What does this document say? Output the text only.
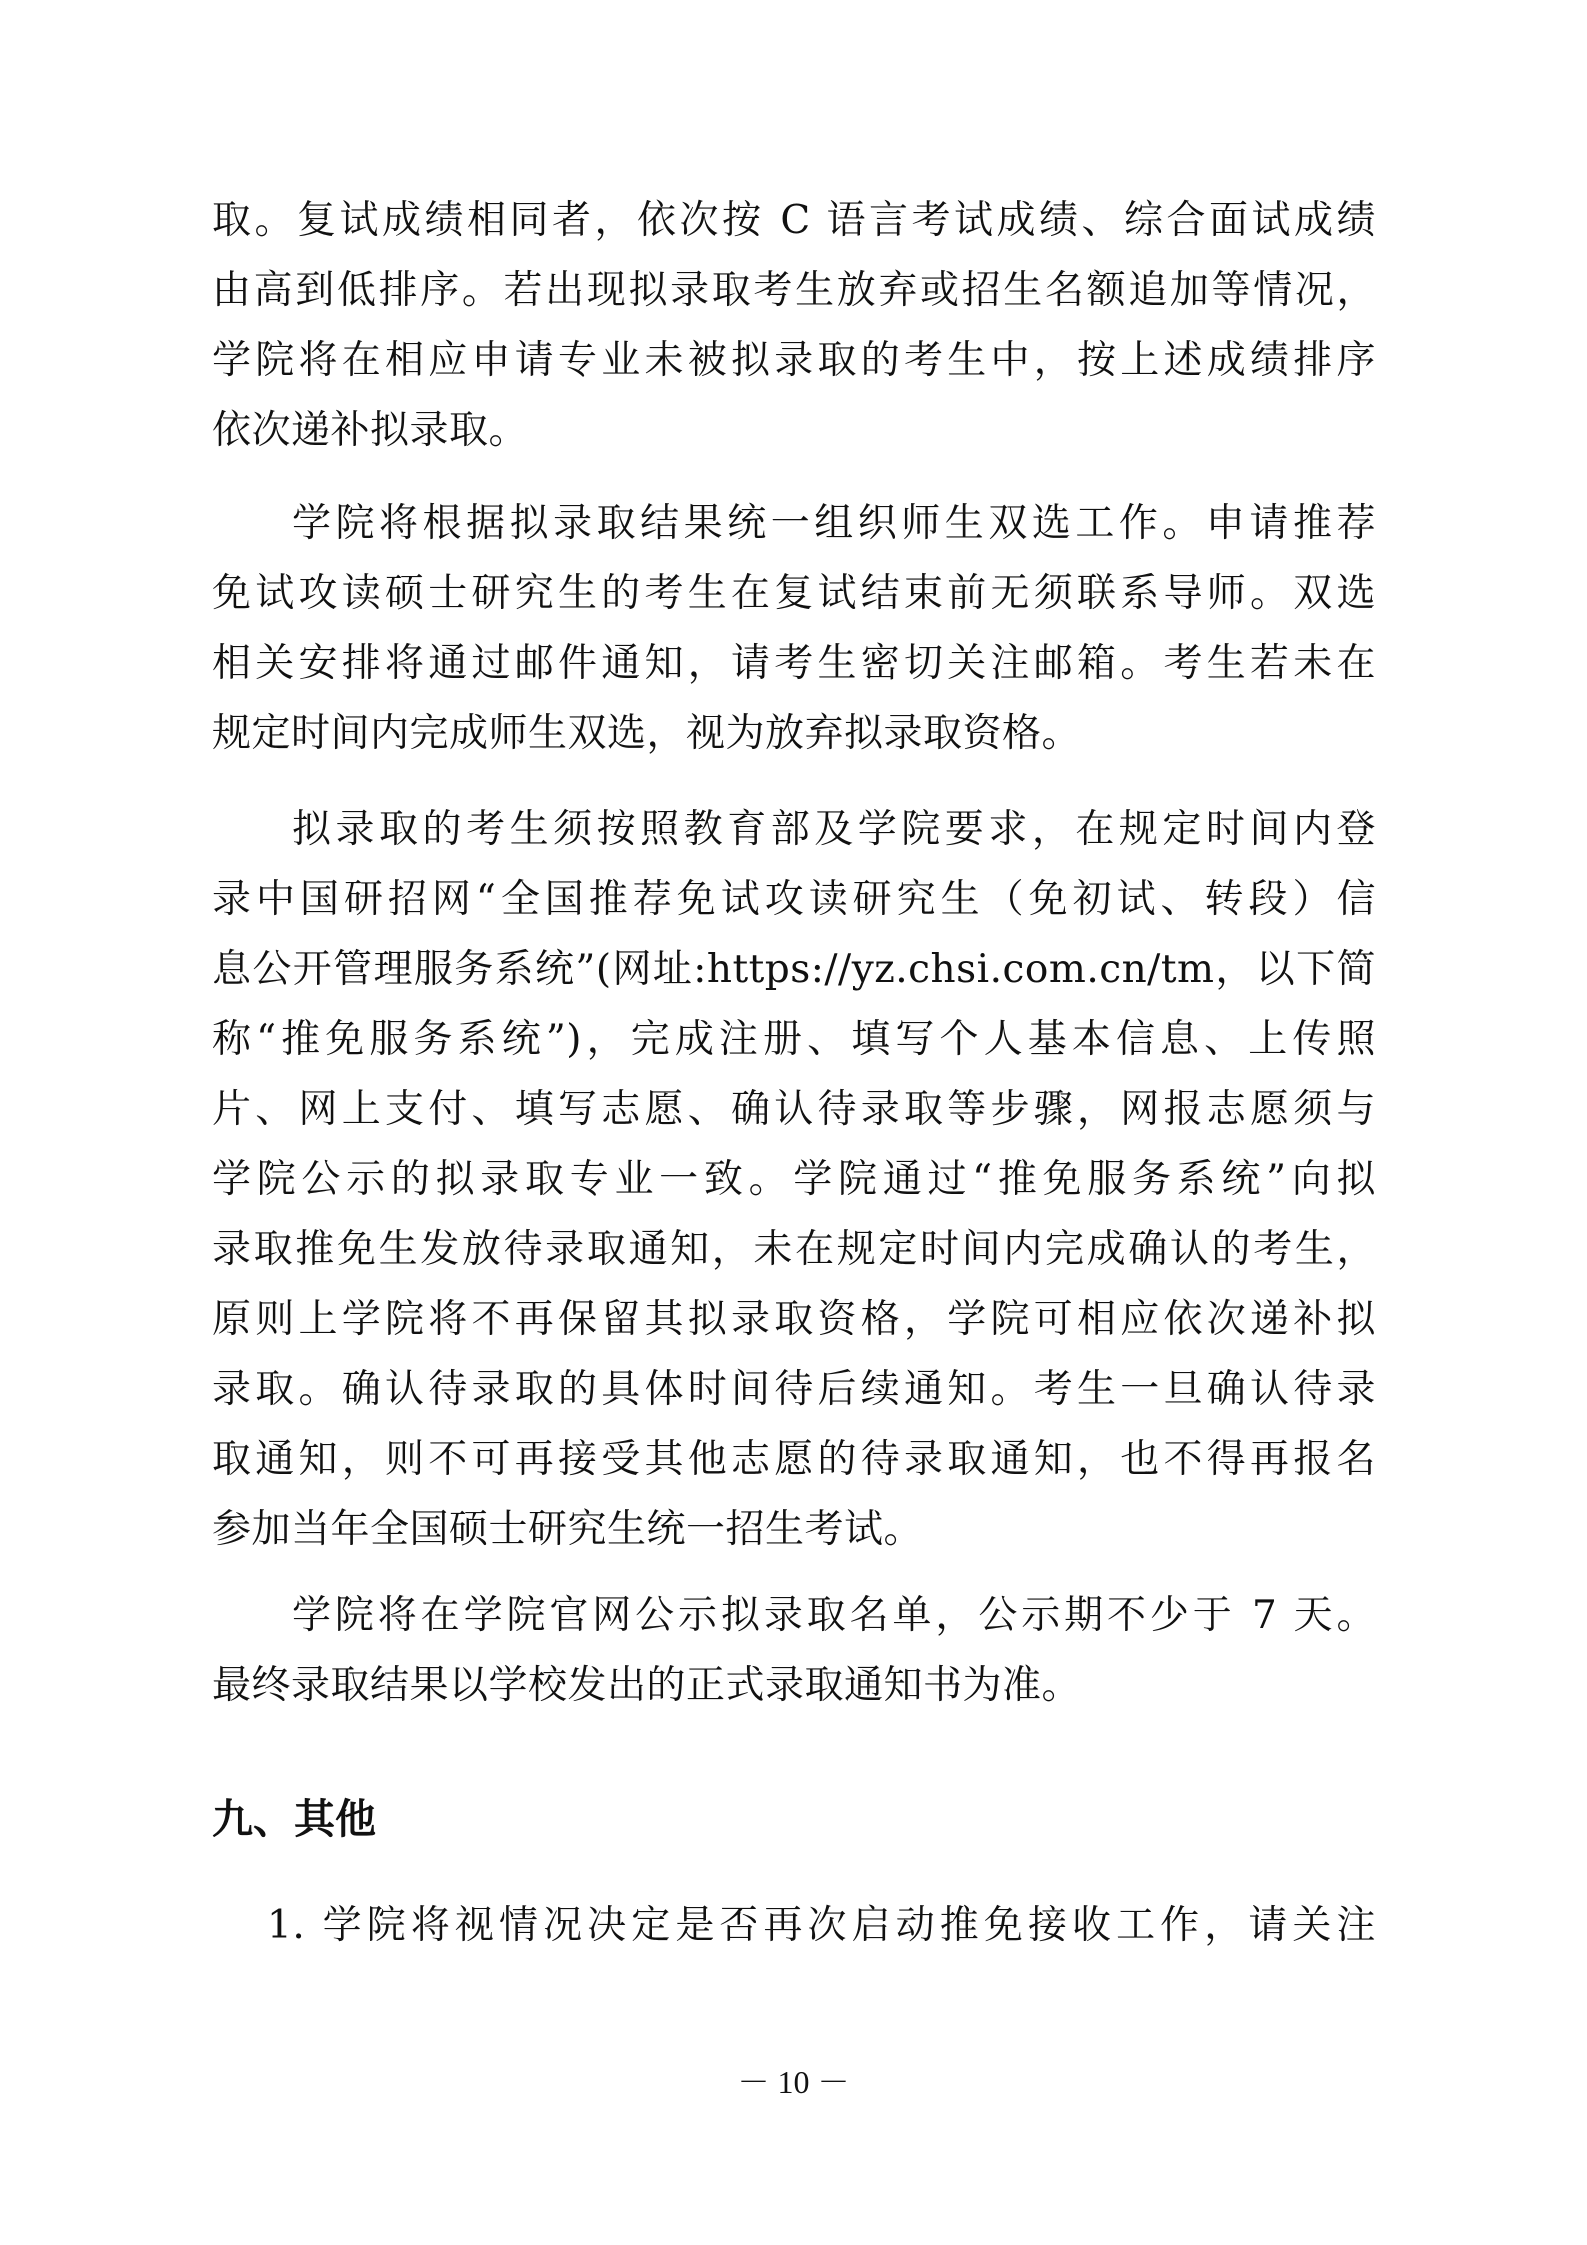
取。复试成绩相同者，依次按 C 语言考试成绩、综合面试成绩
由高到低排序。若出现拟录取考生放弃或招生名额追加等情况，
学院将在相应申请专业未被拟录取的考生中，按上述成绩排序
依次递补拟录取。
学院将根据拟录取结果统一组织师生双选工作。申请推荐
免试攻读硕士研究生的考生在复试结束前无须联系导师。双选
相关安排将通过邮件通知，请考生密切关注邮箱。考生若未在
规定时间内完成师生双选，视为放弃拟录取资格。
拟录取的考生须按照教育部及学院要求，在规定时间内登
录中国研招网“全国推荐免试攻读研究生（免初试、转段）信
息公开管理服务系统”(网址:https://yz.chsi.com.cn/tm，以下简
称“推免服务系统”)，完成注册、填写个人基本信息、上传照
片、网上支付、填写志愿、确认待录取等步骤，网报志愿须与
学院公示的拟录取专业一致。学院通过“推免服务系统”向拟
录取推免生发放待录取通知，未在规定时间内完成确认的考生，
原则上学院将不再保留其拟录取资格，学院可相应依次递补拟
录取。确认待录取的具体时间待后续通知。考生一旦确认待录
取通知，则不可再接受其他志愿的待录取通知，也不得再报名
参加当年全国硕士研究生统一招生考试。
学院将在学院官网公示拟录取名单，公示期不少于 7 天。
最终录取结果以学校发出的正式录取通知书为准。
九、其他
1. 学院将视情况决定是否再次启动推免接收工作，请关注
－ 10 －
